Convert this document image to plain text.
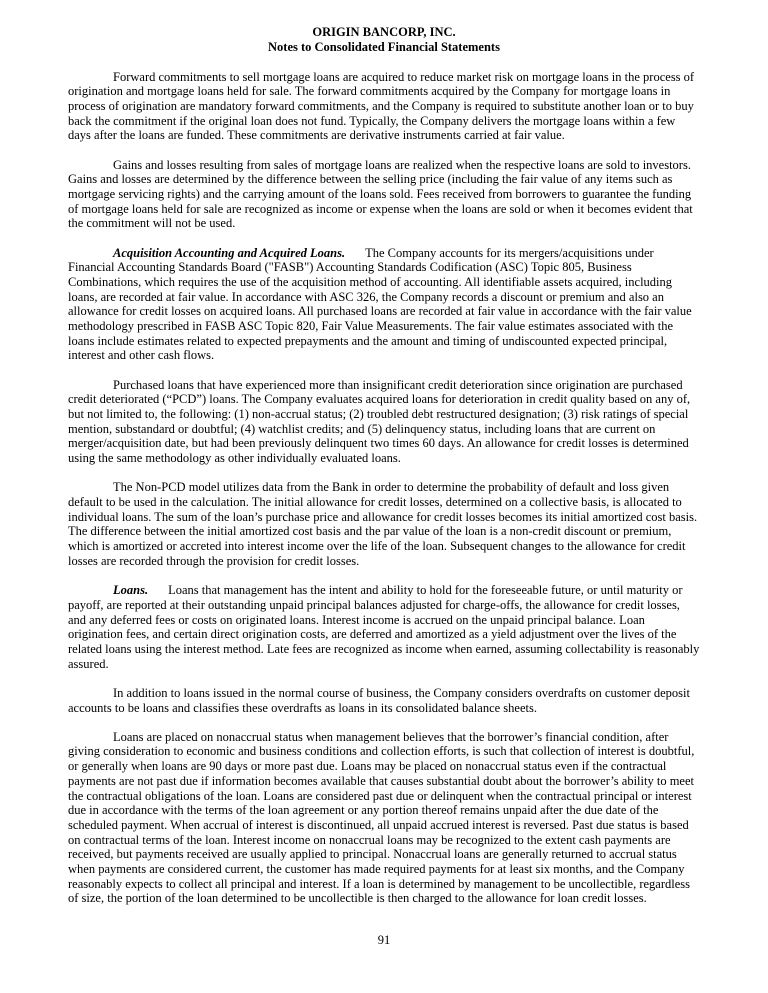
ORIGIN BANCORP, INC.
Notes to Consolidated Financial Statements

Forward commitments to sell mortgage loans are acquired to reduce market risk on mortgage loans in the process of origination and mortgage loans held for sale. The forward commitments acquired by the Company for mortgage loans in process of origination are mandatory forward commitments, and the Company is required to substitute another loan or to buy back the commitment if the original loan does not fund. Typically, the Company delivers the mortgage loans within a few days after the loans are funded. These commitments are derivative instruments carried at fair value.

Gains and losses resulting from sales of mortgage loans are realized when the respective loans are sold to investors. Gains and losses are determined by the difference between the selling price (including the fair value of any items such as mortgage servicing rights) and the carrying amount of the loans sold. Fees received from borrowers to guarantee the funding of mortgage loans held for sale are recognized as income or expense when the loans are sold or when it becomes evident that the commitment will not be used.

Acquisition Accounting and Acquired Loans. The Company accounts for its mergers/acquisitions under Financial Accounting Standards Board ("FASB") Accounting Standards Codification (ASC) Topic 805, Business Combinations, which requires the use of the acquisition method of accounting. All identifiable assets acquired, including loans, are recorded at fair value. In accordance with ASC 326, the Company records a discount or premium and also an allowance for credit losses on acquired loans. All purchased loans are recorded at fair value in accordance with the fair value methodology prescribed in FASB ASC Topic 820, Fair Value Measurements. The fair value estimates associated with the loans include estimates related to expected prepayments and the amount and timing of undiscounted expected principal, interest and other cash flows.

Purchased loans that have experienced more than insignificant credit deterioration since origination are purchased credit deteriorated (“PCD”) loans. The Company evaluates acquired loans for deterioration in credit quality based on any of, but not limited to, the following: (1) non-accrual status; (2) troubled debt restructured designation; (3) risk ratings of special mention, substandard or doubtful; (4) watchlist credits; and (5) delinquency status, including loans that are current on merger/acquisition date, but had been previously delinquent two times 60 days. An allowance for credit losses is determined using the same methodology as other individually evaluated loans.

The Non-PCD model utilizes data from the Bank in order to determine the probability of default and loss given default to be used in the calculation. The initial allowance for credit losses, determined on a collective basis, is allocated to individual loans. The sum of the loan’s purchase price and allowance for credit losses becomes its initial amortized cost basis. The difference between the initial amortized cost basis and the par value of the loan is a non-credit discount or premium, which is amortized or accreted into interest income over the life of the loan. Subsequent changes to the allowance for credit losses are recorded through the provision for credit losses.

Loans. Loans that management has the intent and ability to hold for the foreseeable future, or until maturity or payoff, are reported at their outstanding unpaid principal balances adjusted for charge-offs, the allowance for credit losses, and any deferred fees or costs on originated loans. Interest income is accrued on the unpaid principal balance. Loan origination fees, and certain direct origination costs, are deferred and amortized as a yield adjustment over the lives of the related loans using the interest method. Late fees are recognized as income when earned, assuming collectability is reasonably assured.

In addition to loans issued in the normal course of business, the Company considers overdrafts on customer deposit accounts to be loans and classifies these overdrafts as loans in its consolidated balance sheets.

Loans are placed on nonaccrual status when management believes that the borrower’s financial condition, after giving consideration to economic and business conditions and collection efforts, is such that collection of interest is doubtful, or generally when loans are 90 days or more past due. Loans may be placed on nonaccrual status even if the contractual payments are not past due if information becomes available that causes substantial doubt about the borrower’s ability to meet the contractual obligations of the loan. Loans are considered past due or delinquent when the contractual principal or interest due in accordance with the terms of the loan agreement or any portion thereof remains unpaid after the due date of the scheduled payment. When accrual of interest is discontinued, all unpaid accrued interest is reversed. Past due status is based on contractual terms of the loan. Interest income on nonaccrual loans may be recognized to the extent cash payments are received, but payments received are usually applied to principal. Nonaccrual loans are generally returned to accrual status when payments are considered current, the customer has made required payments for at least six months, and the Company reasonably expects to collect all principal and interest. If a loan is determined by management to be uncollectible, regardless of size, the portion of the loan determined to be uncollectible is then charged to the allowance for loan credit losses.

91
